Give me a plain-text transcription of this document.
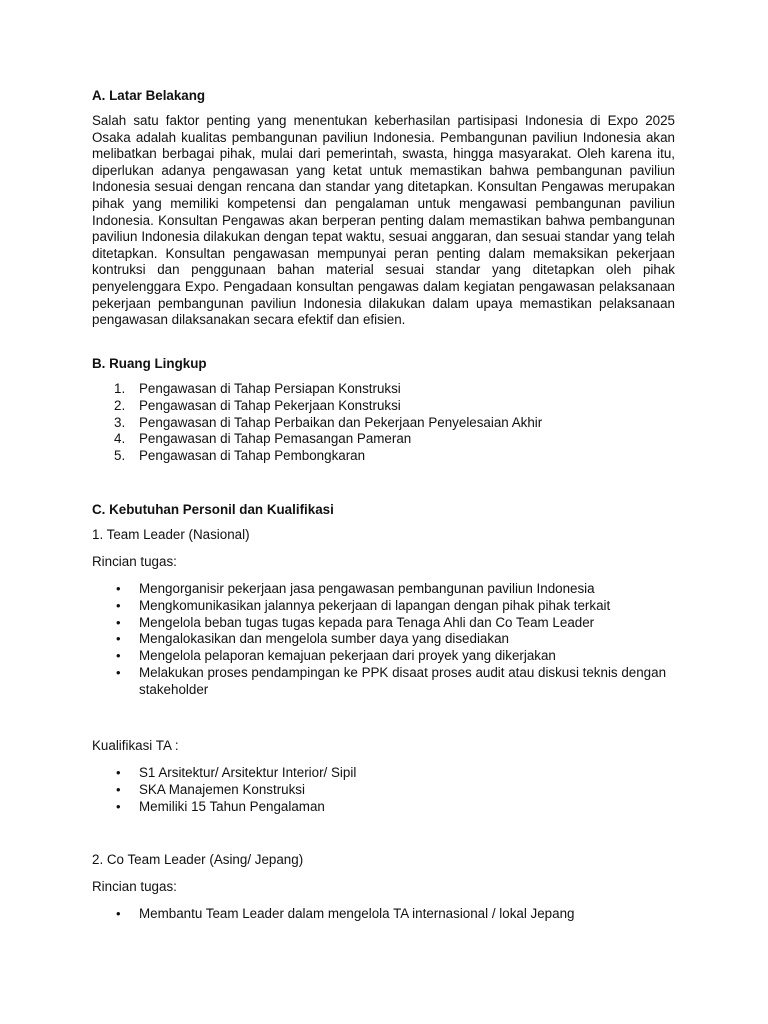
A. Latar Belakang

Salah satu faktor penting yang menentukan keberhasilan partisipasi Indonesia di Expo 2025 Osaka adalah kualitas pembangunan paviliun Indonesia. Pembangunan paviliun Indonesia akan melibatkan berbagai pihak, mulai dari pemerintah, swasta, hingga masyarakat. Oleh karena itu, diperlukan adanya pengawasan yang ketat untuk memastikan bahwa pembangunan paviliun Indonesia sesuai dengan rencana dan standar yang ditetapkan. Konsultan Pengawas merupakan pihak yang memiliki kompetensi dan pengalaman untuk mengawasi pembangunan paviliun Indonesia. Konsultan Pengawas akan berperan penting dalam memastikan bahwa pembangunan paviliun Indonesia dilakukan dengan tepat waktu, sesuai anggaran, dan sesuai standar yang telah ditetapkan. Konsultan pengawasan mempunyai peran penting dalam memaksikan pekerjaan kontruksi dan penggunaan bahan material sesuai standar yang ditetapkan oleh pihak penyelenggara Expo. Pengadaan konsultan pengawas dalam kegiatan pengawasan pelaksanaan pekerjaan pembangunan paviliun Indonesia dilakukan dalam upaya memastikan pelaksanaan pengawasan dilaksanakan secara efektif dan efisien.

B. Ruang Lingkup
1. Pengawasan di Tahap Persiapan Konstruksi
2. Pengawasan di Tahap Pekerjaan Konstruksi
3. Pengawasan di Tahap Perbaikan dan Pekerjaan Penyelesaian Akhir
4. Pengawasan di Tahap Pemasangan Pameran
5. Pengawasan di Tahap Pembongkaran
C. Kebutuhan Personil dan Kualifikasi

1. Team Leader (Nasional)

Rincian tugas:

• Mengorganisir pekerjaan jasa pengawasan pembangunan paviliun Indonesia
• Mengkomunikasikan jalannya pekerjaan di lapangan dengan pihak pihak terkait
• Mengelola beban tugas tugas kepada para Tenaga Ahli dan Co Team Leader
• Mengalokasikan dan mengelola sumber daya yang disediakan
• Mengelola pelaporan kemajuan pekerjaan dari proyek yang dikerjakan
• Melakukan proses pendampingan ke PPK disaat proses audit atau diskusi teknis dengan stakeholder

Kualifikasi TA :

• S1 Arsitektur/ Arsitektur Interior/ Sipil
• SKA Manajemen Konstruksi
• Memiliki 15 Tahun Pengalaman

2. Co Team Leader (Asing/ Jepang)

Rincian tugas:

• Membantu Team Leader dalam mengelola TA internasional / lokal Jepang
